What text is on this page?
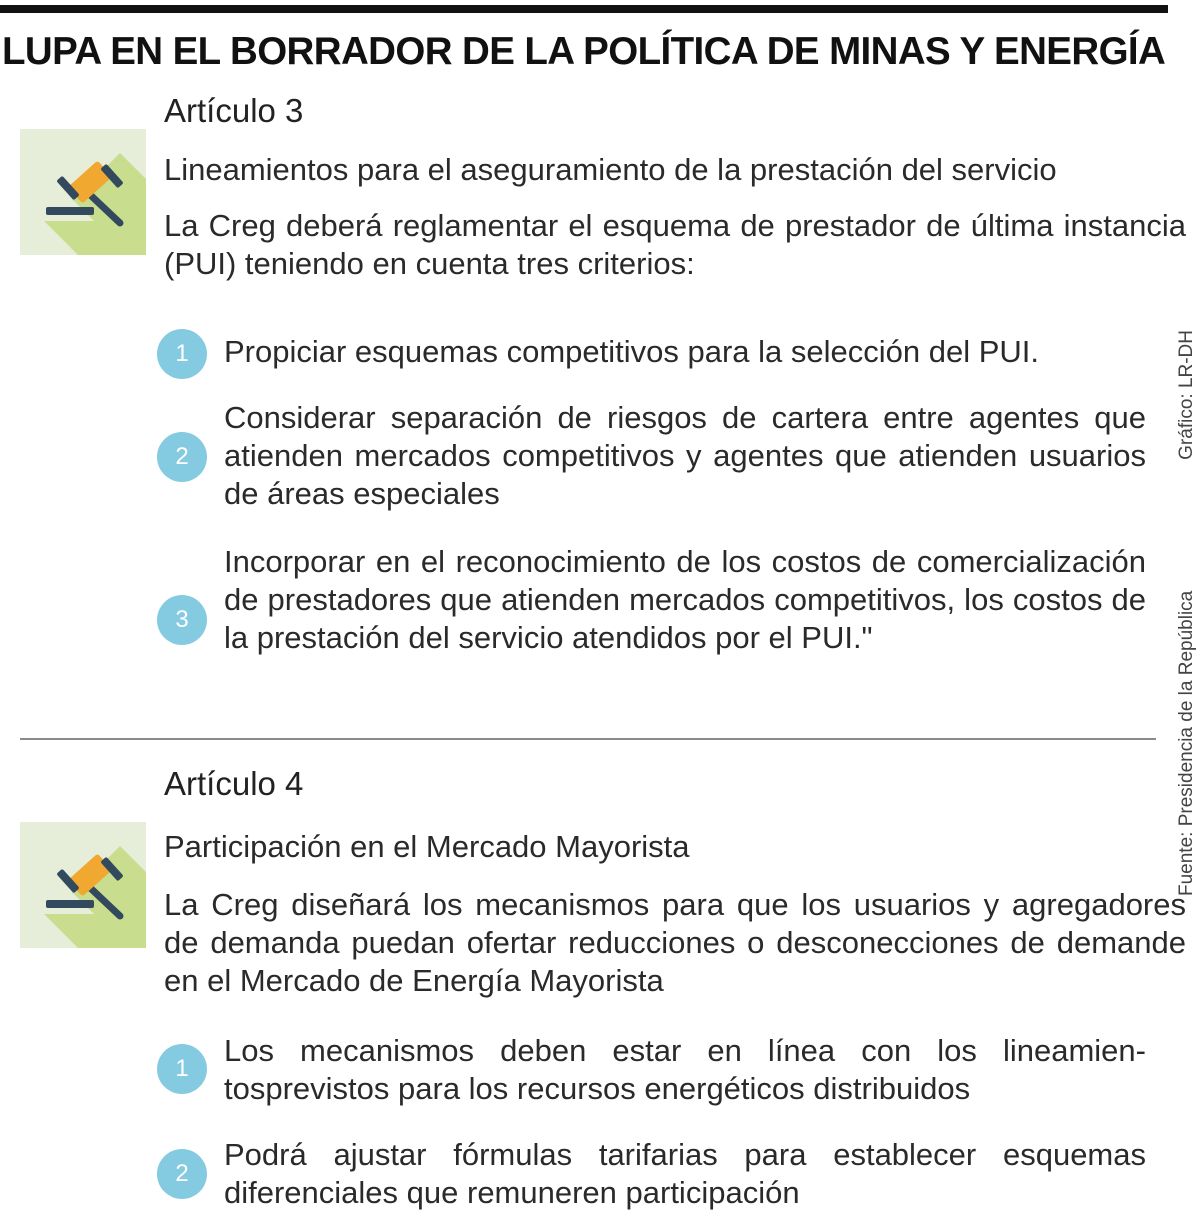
LUPA EN EL BORRADOR DE LA POLÍTICA DE MINAS Y ENERGÍA
Artículo 3

Lineamientos para el aseguramiento de la prestación del servicio

La Creg deberá reglamentar el esquema de prestador de última instancia (PUI) teniendo en cuenta tres criterios:

1	Propiciar esquemas competitivos para la selección del PUI.

2

Considerar separación de riesgos de cartera entre agentes que atienden mercados competitivos y agentes que atienden usuarios de áreas especiales

3

Incorporar en el reconocimiento de los costos de comercialización de prestadores que atienden mercados competitivos, los costos de la prestación del servicio atendidos por el PUI."

Artículo 4

Participación en el Mercado Mayorista

La Creg diseñará los mecanismos para que los usuarios y agregadores de demanda puedan ofertar reducciones o desconecciones de demande en el Mercado de Energía Mayorista

1

Los mecanismos deben estar en línea con los lineamientosprevistos para los recursos energéticos distribuidos

2

Podrá ajustar fórmulas tarifarias para establecer esquemas diferenciales que remuneren participación

Fuente: Presidencia de la República
Gráfico: LR-DH
